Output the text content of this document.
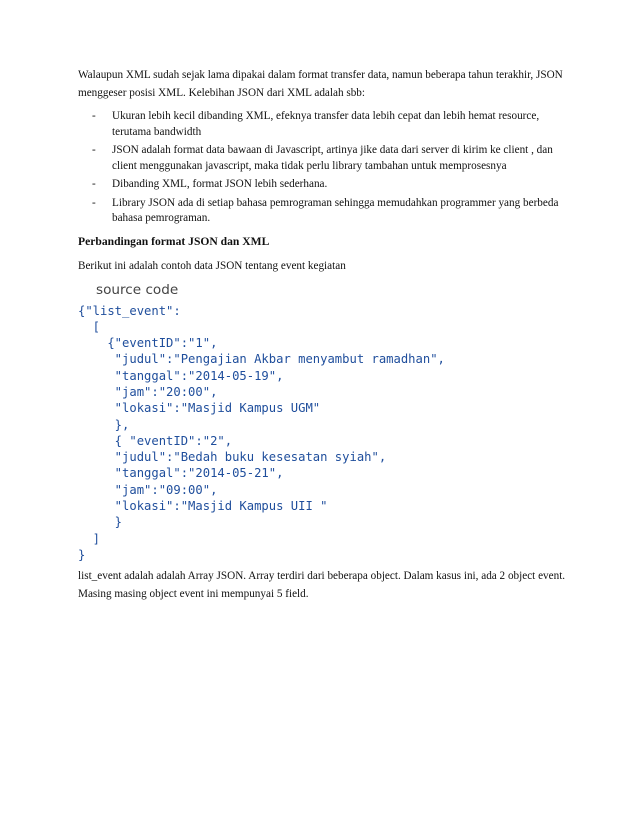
Walaupun XML sudah sejak lama dipakai dalam format transfer data, namun beberapa tahun terakhir, JSON menggeser posisi XML. Kelebihan JSON dari XML adalah sbb:

- Ukuran lebih kecil dibanding XML, efeknya transfer data lebih cepat dan lebih hemat resource, terutama bandwidth
- JSON adalah format data bawaan di Javascript, artinya jike data dari server di kirim ke client , dan client menggunakan javascript, maka tidak perlu library tambahan untuk memprosesnya
- Dibanding XML, format JSON lebih sederhana.
- Library JSON ada di setiap bahasa pemrograman sehingga memudahkan programmer yang berbeda bahasa pemrograman.

Perbandingan format JSON dan XML

Berikut ini adalah contoh data JSON tentang event kegiatan

source code
{"list_event":
[
{"eventID":"1",
"judul":"Pengajian Akbar menyambut ramadhan",
"tanggal":"2014-05-19",
"jam":"20:00",
"lokasi":"Masjid Kampus UGM"
},
{ "eventID":"2",
"judul":"Bedah buku kesesatan syiah",
"tanggal":"2014-05-21",
"jam":"09:00",
"lokasi":"Masjid Kampus UII "
}
]
}

list_event adalah adalah Array JSON. Array terdiri dari beberapa object. Dalam kasus ini, ada 2 object event. Masing masing object event ini mempunyai 5 field.
